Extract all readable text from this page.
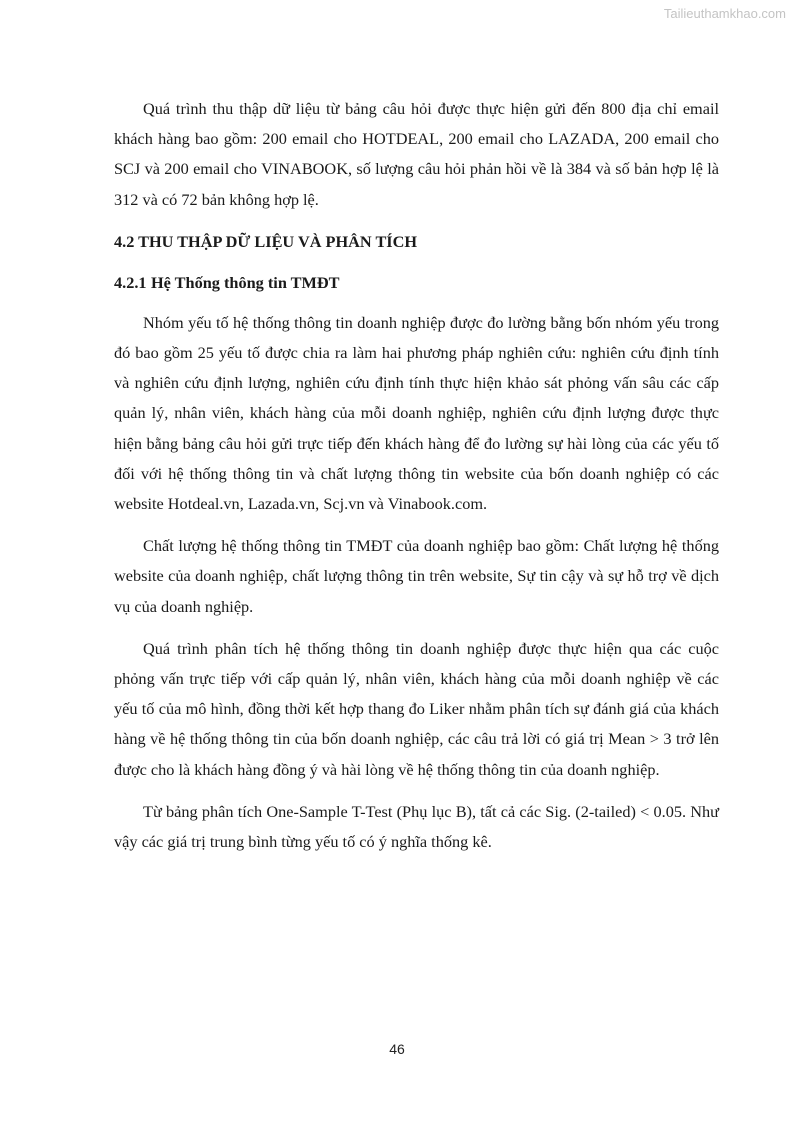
Tailieuthamkhao.com

Quá trình thu thập dữ liệu từ bảng câu hỏi được thực hiện gửi đến 800 địa chỉ email khách hàng bao gồm: 200 email cho HOTDEAL, 200 email cho LAZADA, 200 email cho SCJ và 200 email cho VINABOOK, số lượng câu hỏi phản hồi về là 384 và số bản hợp lệ là 312 và có 72 bản không hợp lệ.

4.2 THU THẬP DỮ LIỆU VÀ PHÂN TÍCH

4.2.1 Hệ Thống thông tin TMĐT

Nhóm yếu tố hệ thống thông tin doanh nghiệp được đo lường bằng bốn nhóm yếu trong đó bao gồm 25 yếu tố được chia ra làm hai phương pháp nghiên cứu: nghiên cứu định tính và nghiên cứu định lượng, nghiên cứu định tính thực hiện khảo sát phỏng vấn sâu các cấp quản lý, nhân viên, khách hàng của mỗi doanh nghiệp, nghiên cứu định lượng được thực hiện bằng bảng câu hỏi gửi trực tiếp đến khách hàng để đo lường sự hài lòng của các yếu tố đối với hệ thống thông tin và chất lượng thông tin website của bốn doanh nghiệp có các website Hotdeal.vn, Lazada.vn, Scj.vn và Vinabook.com.

Chất lượng hệ thống thông tin TMĐT của doanh nghiệp bao gồm: Chất lượng hệ thống website của doanh nghiệp, chất lượng thông tin trên website, Sự tin cậy và sự hỗ trợ về dịch vụ của doanh nghiệp.

Quá trình phân tích hệ thống thông tin doanh nghiệp được thực hiện qua các cuộc phỏng vấn trực tiếp với cấp quản lý, nhân viên, khách hàng của mỗi doanh nghiệp về các yếu tố của mô hình, đồng thời kết hợp thang đo Liker nhằm phân tích sự đánh giá của khách hàng về hệ thống thông tin của bốn doanh nghiệp, các câu trả lời có giá trị Mean > 3 trở lên được cho là khách hàng đồng ý và hài lòng về hệ thống thông tin của doanh nghiệp.

Từ bảng phân tích One-Sample T-Test (Phụ lục B), tất cả các Sig. (2-tailed) < 0.05. Như vậy các giá trị trung bình từng yếu tố có ý nghĩa thống kê.

46
